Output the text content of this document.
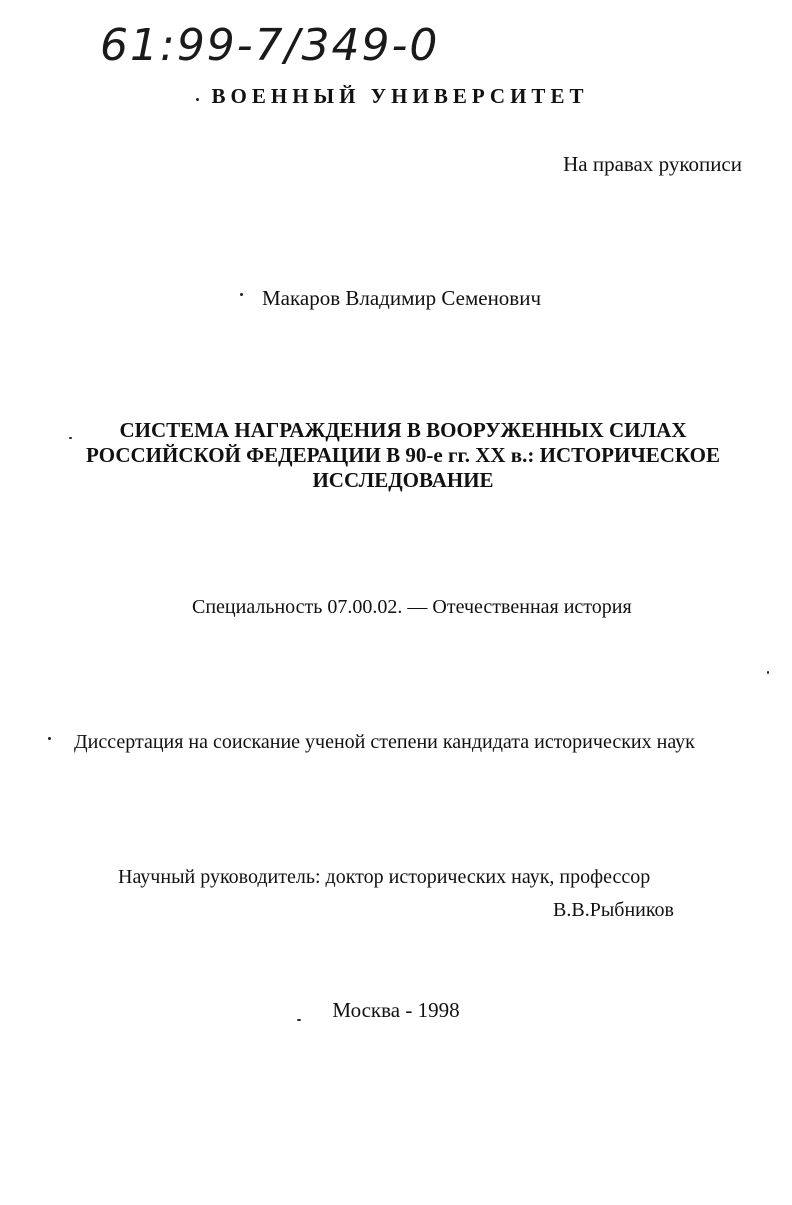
61:99-7/349-0
ВОЕННЫЙ УНИВЕРСИТЕТ
На правах рукописи
Макаров Владимир Семенович
СИСТЕМА НАГРАЖДЕНИЯ В ВООРУЖЕННЫХ СИЛАХ
РОССИЙСКОЙ ФЕДЕРАЦИИ В 90-е гг. XX в.: ИСТОРИЧЕСКОЕ
ИССЛЕДОВАНИЕ
Специальность 07.00.02. — Отечественная история
Диссертация на соискание ученой степени кандидата исторических наук
Научный руководитель: доктор исторических наук, профессор
В.В.Рыбников
Москва - 1998
